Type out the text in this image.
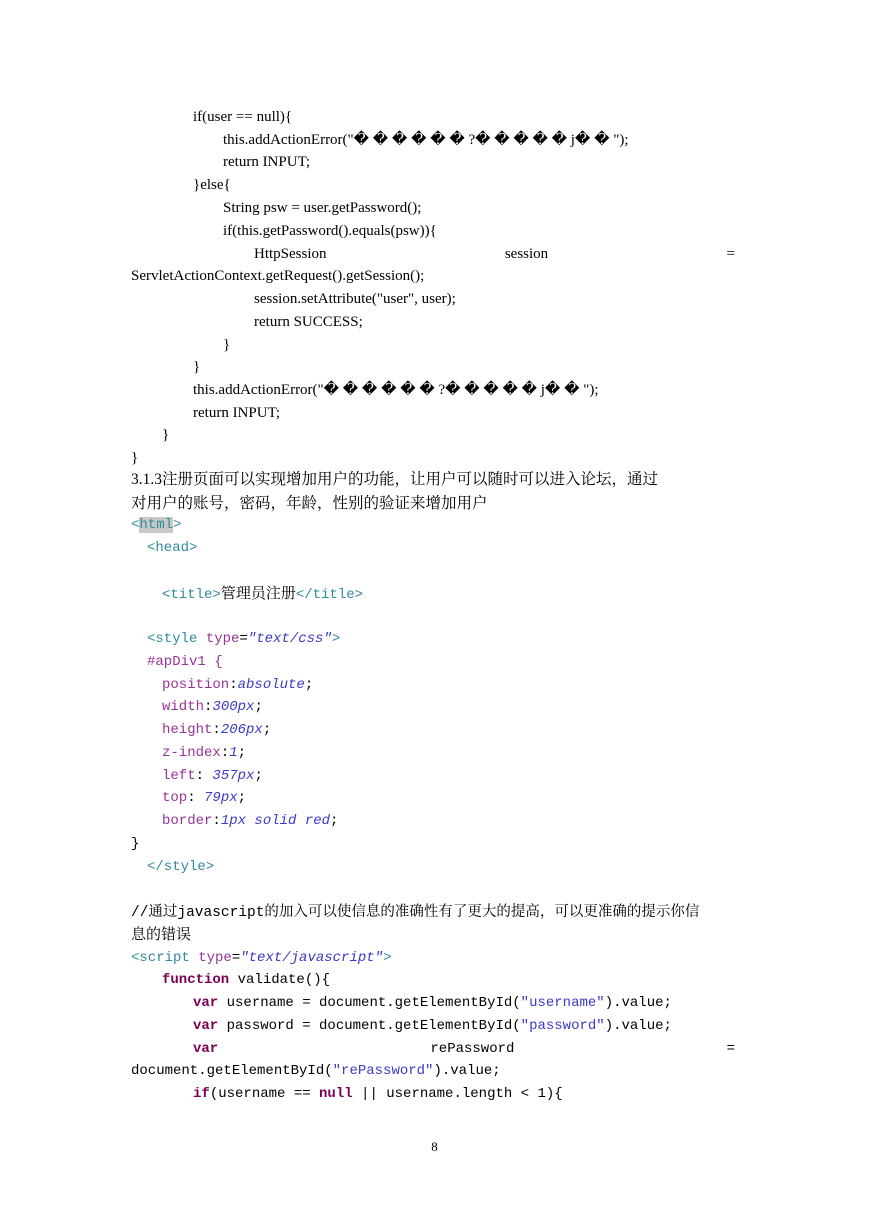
if(user == null){
this.addActionError("� � � � � � ?� � � � � j� � ");
return INPUT;
}else{
String psw = user.getPassword();
if(this.getPassword().equals(psw)){
HttpSession	session	=
ServletActionContext.getRequest().getSession();
session.setAttribute("user", user);
return SUCCESS;
}
}
this.addActionError("� � � � � � ?� � � � � j� � ");
return INPUT;
}
}
3.1.3注册页面可以实现增加用户的功能，让用户可以随时可以进入论坛，通过
对用户的账号，密码，年龄，性别的验证来增加用户
<html>
<head>
<title>管理员注册</title>
<style type="text/css">
#apDiv1 {
position:absolute;
width:300px;
height:206px;
z-index:1;
left: 357px;
top: 79px;
border:1px solid red;
}
</style>
//通过javascript的加入可以使信息的准确性有了更大的提高，可以更准确的提示你信
息的错误
<script type="text/javascript">
function validate(){
var username = document.getElementById("username").value;
var password = document.getElementById("password").value;
var	rePassword	=
document.getElementById("rePassword").value;
if(username == null || username.length < 1){
8
